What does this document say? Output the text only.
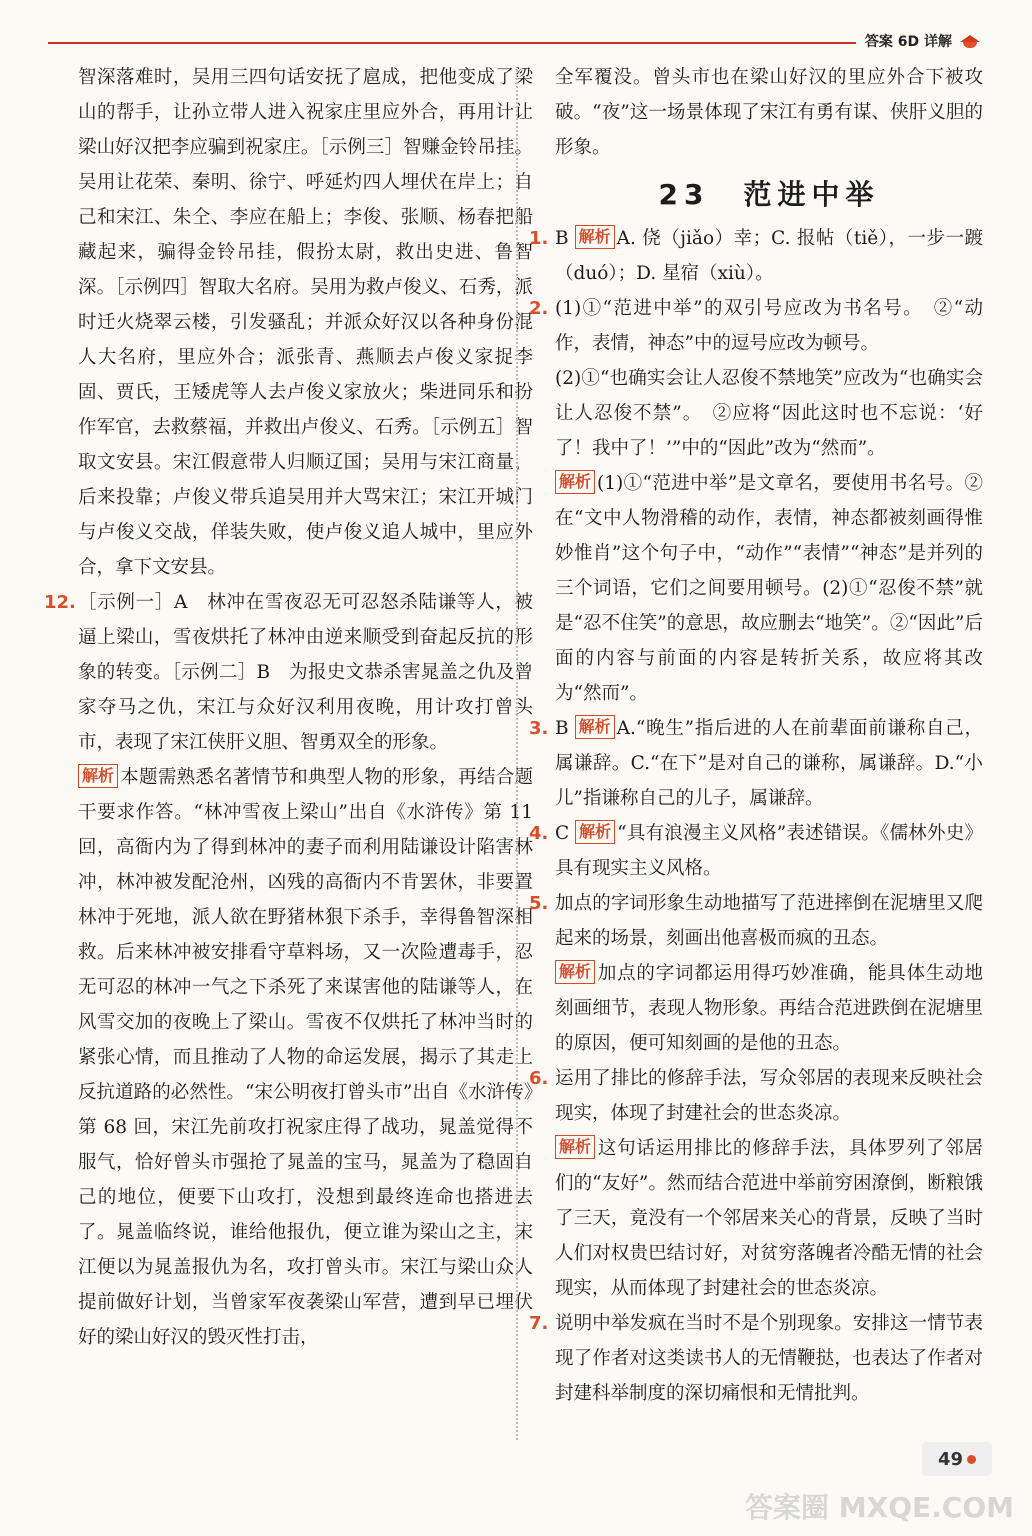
答案 6D 详解

智深落难时，吴用三四句话安抚了扈成，把他变成了梁山的帮手，让孙立带人进入祝家庄里应外合，再用计让梁山好汉把李应骗到祝家庄。［示例三］智赚金铃吊挂。吴用让花荣、秦明、徐宁、呼延灼四人埋伏在岸上；自己和宋江、朱仝、李应在船上；李俊、张顺、杨春把船藏起来，骗得金铃吊挂，假扮太尉，救出史进、鲁智深。［示例四］智取大名府。吴用为救卢俊义、石秀，派时迁火烧翠云楼，引发骚乱；并派众好汉以各种身份混人大名府，里应外合；派张青、燕顺去卢俊义家捉李固、贾氏，王矮虎等人去卢俊义家放火；柴进同乐和扮作军官，去救蔡福，并救出卢俊义、石秀。［示例五］智取文安县。宋江假意带人归顺辽国；吴用与宋江商量，后来投靠；卢俊义带兵追吴用并大骂宋江；宋江开城门与卢俊义交战，佯装失败，使卢俊义追人城中，里应外合，拿下文安县。

12. ［示例一］A　林冲在雪夜忍无可忍怒杀陆谦等人，被逼上梁山，雪夜烘托了林冲由逆来顺受到奋起反抗的形象的转变。［示例二］B　为报史文恭杀害晁盖之仇及曾家夺马之仇，宋江与众好汉利用夜晚，用计攻打曾头市，表现了宋江侠肝义胆、智勇双全的形象。

解析 本题需熟悉名著情节和典型人物的形象，再结合题干要求作答。“林冲雪夜上梁山”出自《水浒传》第 11 回，高衙内为了得到林冲的妻子而利用陆谦设计陷害林冲，林冲被发配沧州，凶残的高衙内不肯罢休，非要置林冲于死地，派人欲在野猪林狠下杀手，幸得鲁智深相救。后来林冲被安排看守草料场，又一次险遭毒手，忍无可忍的林冲一气之下杀死了来谋害他的陆谦等人，在风雪交加的夜晚上了梁山。雪夜不仅烘托了林冲当时的紧张心情，而且推动了人物的命运发展，揭示了其走上反抗道路的必然性。“宋公明夜打曾头市”出自《水浒传》第 68 回，宋江先前攻打祝家庄得了战功，晁盖觉得不服气，恰好曾头市强抢了晁盖的宝马，晁盖为了稳固自己的地位，便要下山攻打，没想到最终连命也搭进去了。晁盖临终说，谁给他报仇，便立谁为梁山之主，宋江便以为晁盖报仇为名，攻打曾头市。宋江与梁山众人提前做好计划，当曾家军夜袭梁山军营，遭到早已埋伏好的梁山好汉的毁灭性打击，

全军覆没。曾头市也在梁山好汉的里应外合下被攻破。“夜”这一场景体现了宋江有勇有谋、侠肝义胆的形象。

23　范进中举
1. B 解析 A. 侥（jiǎo）幸；C. 报帖（tiě），一步一踱（duó）；D. 星宿（xiù）。

2. (1)①“范进中举”的双引号应改为书名号。　②“动作，表情，神态”中的逗号应改为顿号。

(2)①“也确实会让人忍俊不禁地笑”应改为“也确实会让人忍俊不禁”。　②应将“因此这时也不忘说：‘好了！我中了！’”中的“因此”改为“然而”。

解析 (1)①“范进中举”是文章名，要使用书名号。②在“文中人物滑稽的动作，表情，神态都被刻画得惟妙惟肖”这个句子中，“动作”“表情”“神态”是并列的三个词语，它们之间要用顿号。(2)①“忍俊不禁”就是“忍不住笑”的意思，故应删去“地笑”。②“因此”后面的内容与前面的内容是转折关系，故应将其改为“然而”。

3. B 解析 A.“晚生”指后进的人在前辈面前谦称自己，属谦辞。C.“在下”是对自己的谦称，属谦辞。D.“小儿”指谦称自己的儿子，属谦辞。

4. C 解析 “具有浪漫主义风格”表述错误。《儒林外史》具有现实主义风格。

5. 加点的字词形象生动地描写了范进摔倒在泥塘里又爬起来的场景，刻画出他喜极而疯的丑态。

解析 加点的字词都运用得巧妙准确，能具体生动地刻画细节，表现人物形象。再结合范进跌倒在泥塘里的原因，便可知刻画的是他的丑态。

6. 运用了排比的修辞手法，写众邻居的表现来反映社会现实，体现了封建社会的世态炎凉。

解析 这句话运用排比的修辞手法，具体罗列了邻居们的“友好”。然而结合范进中举前穷困潦倒，断粮饿了三天，竟没有一个邻居来关心的背景，反映了当时人们对权贵巴结讨好，对贫穷落魄者冷酷无情的社会现实，从而体现了封建社会的世态炎凉。

7. 说明中举发疯在当时不是个别现象。安排这一情节表现了作者对这类读书人的无情鞭挞，也表达了作者对封建科举制度的深切痛恨和无情批判。

49
答案圈 MXQE.COM
